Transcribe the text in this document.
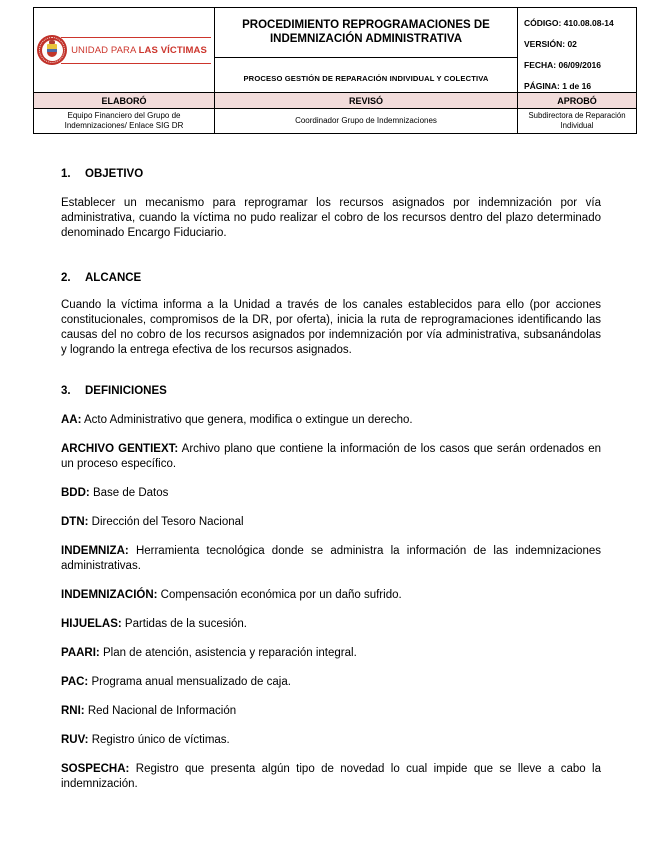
UNIDAD PARA LAS VÍCTIMAS
PROCEDIMIENTO REPROGRAMACIONES DE INDEMNIZACIÓN ADMINISTRATIVA
CÓDIGO: 410.08.08-14
VERSIÓN: 02
FECHA: 06/09/2016
PÁGINA: 1 de 16
PROCESO GESTIÓN DE REPARACIÓN INDIVIDUAL Y COLECTIVA
ELABORÓ	REVISÓ	APROBÓ
Equipo Financiero del Grupo de Indemnizaciones/ Enlace SIG DR
Coordinador Grupo de Indemnizaciones
Subdirectora de Reparación Individual
1. OBJETIVO

Establecer un mecanismo para reprogramar los recursos asignados por indemnización por vía administrativa, cuando la víctima no pudo realizar el cobro de los recursos dentro del plazo determinado denominado Encargo Fiduciario.

2. ALCANCE

Cuando la víctima informa a la Unidad a través de los canales establecidos para ello (por acciones constitucionales, compromisos de la DR, por oferta), inicia la ruta de reprogramaciones identificando las causas del no cobro de los recursos asignados por indemnización por vía administrativa, subsanándolas y logrando la entrega efectiva de los recursos asignados.

3. DEFINICIONES

AA: Acto Administrativo que genera, modifica o extingue un derecho.

ARCHIVO GENTIEXT: Archivo plano que contiene la información de los casos que serán ordenados en un proceso específico.

BDD: Base de Datos

DTN: Dirección del Tesoro Nacional

INDEMNIZA: Herramienta tecnológica donde se administra la información de las indemnizaciones administrativas.

INDEMNIZACIÓN: Compensación económica por un daño sufrido.

HIJUELAS: Partidas de la sucesión.

PAARI: Plan de atención, asistencia y reparación integral.

PAC: Programa anual mensualizado de caja.

RNI: Red Nacional de Información

RUV: Registro único de víctimas.

SOSPECHA: Registro que presenta algún tipo de novedad lo cual impide que se lleve a cabo la indemnización.
